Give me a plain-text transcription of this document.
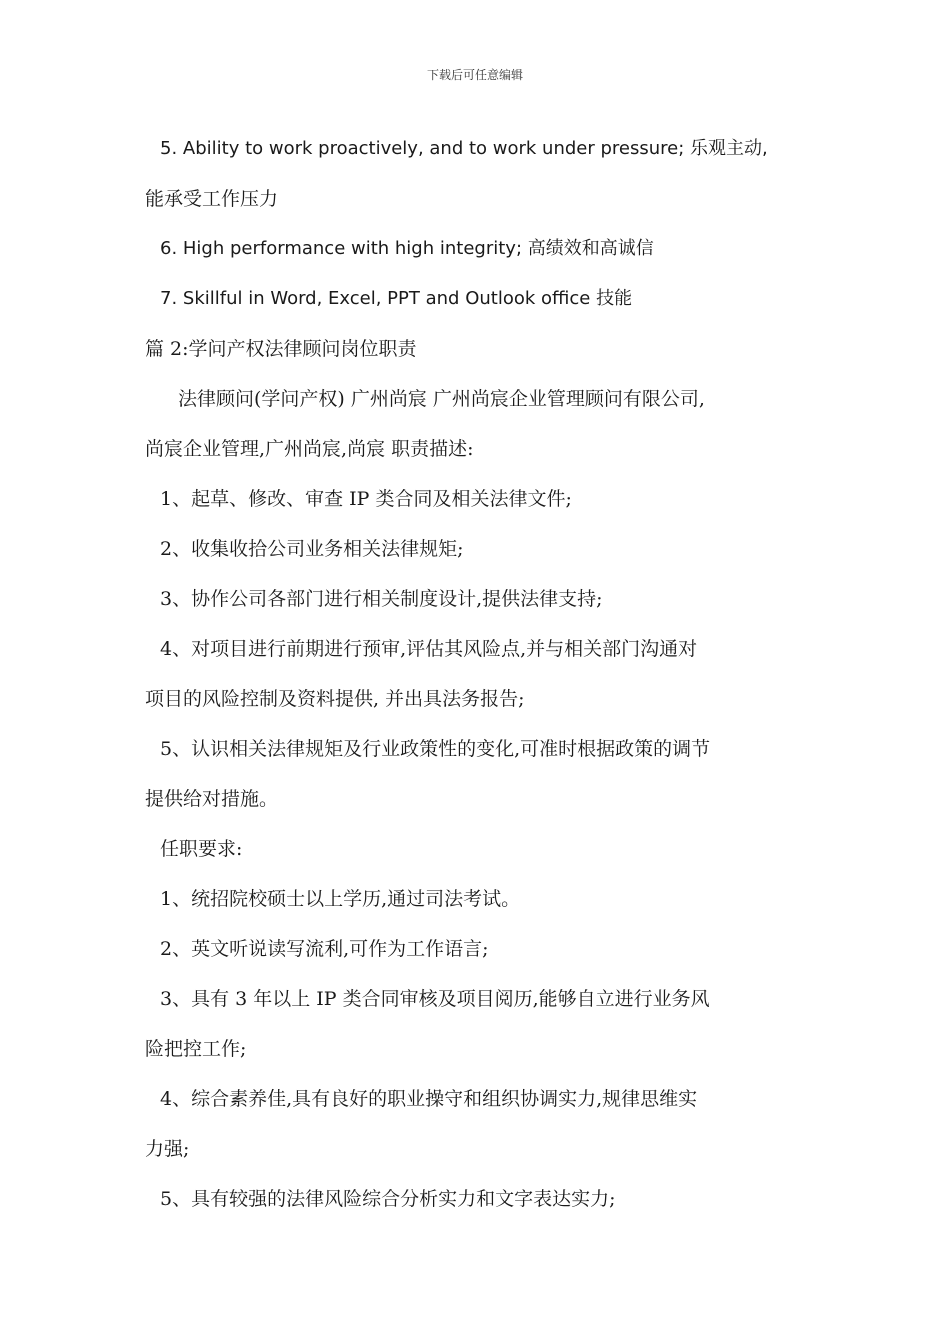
下载后可任意编辑
5. Ability to work proactively, and to work under pressure; 乐观主动,
能承受工作压力
6. High performance with high integrity; 高绩效和高诚信
7. Skillful in Word, Excel, PPT and Outlook office 技能
篇 2:学问产权法律顾问岗位职责
法律顾问(学问产权) 广州尚宸 广州尚宸企业管理顾问有限公司,
尚宸企业管理,广州尚宸,尚宸 职责描述:
1、起草、修改、审查 IP 类合同及相关法律文件;
2、收集收拾公司业务相关法律规矩;
3、协作公司各部门进行相关制度设计,提供法律支持;
4、对项目进行前期进行预审,评估其风险点,并与相关部门沟通对
项目的风险控制及资料提供, 并出具法务报告;
5、认识相关法律规矩及行业政策性的变化,可准时根据政策的调节
提供给对措施。
任职要求:
1、统招院校硕士以上学历,通过司法考试。
2、英文听说读写流利,可作为工作语言;
3、具有 3 年以上 IP 类合同审核及项目阅历,能够自立进行业务风
险把控工作;
4、综合素养佳,具有良好的职业操守和组织协调实力,规律思维实
力强;
5、具有较强的法律风险综合分析实力和文字表达实力;
